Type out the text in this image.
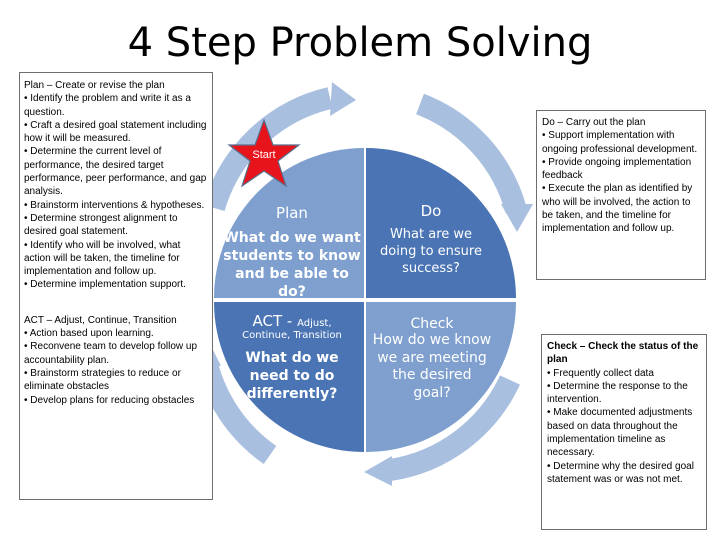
4 Step Problem Solving
Start
Plan
What do we want students to know and be able to do?
Do
What are we doing to ensure success?
ACT - Adjust,
Continue, Transition
What do we need to do differently?
Check
How do we know we are meeting the desired goal?
Plan – Create or revise the plan
• Identify the problem and write it as a question.
• Craft a desired goal statement including how it will be measured.
• Determine the current level of performance, the desired target performance, peer performance, and gap analysis.
• Brainstorm interventions & hypotheses.
• Determine strongest alignment to desired goal statement.
• Identify who will be involved, what action will be taken, the timeline for implementation and follow up.
• Determine implementation support.
ACT – Adjust, Continue, Transition
• Action based upon learning.
• Reconvene team to develop follow up accountability plan.
• Brainstorm strategies to reduce or eliminate obstacles
• Develop plans for reducing obstacles
Do – Carry out the plan
• Support implementation with ongoing professional development.
• Provide ongoing implementation feedback
• Execute the plan as identified by who will be involved, the action to be taken, and the timeline for implementation and follow up.
Check – Check the status of the plan
• Frequently collect data
• Determine the response to the intervention.
• Make documented adjustments based on data throughout the implementation timeline as necessary.
• Determine why the desired goal statement was or was not met.
